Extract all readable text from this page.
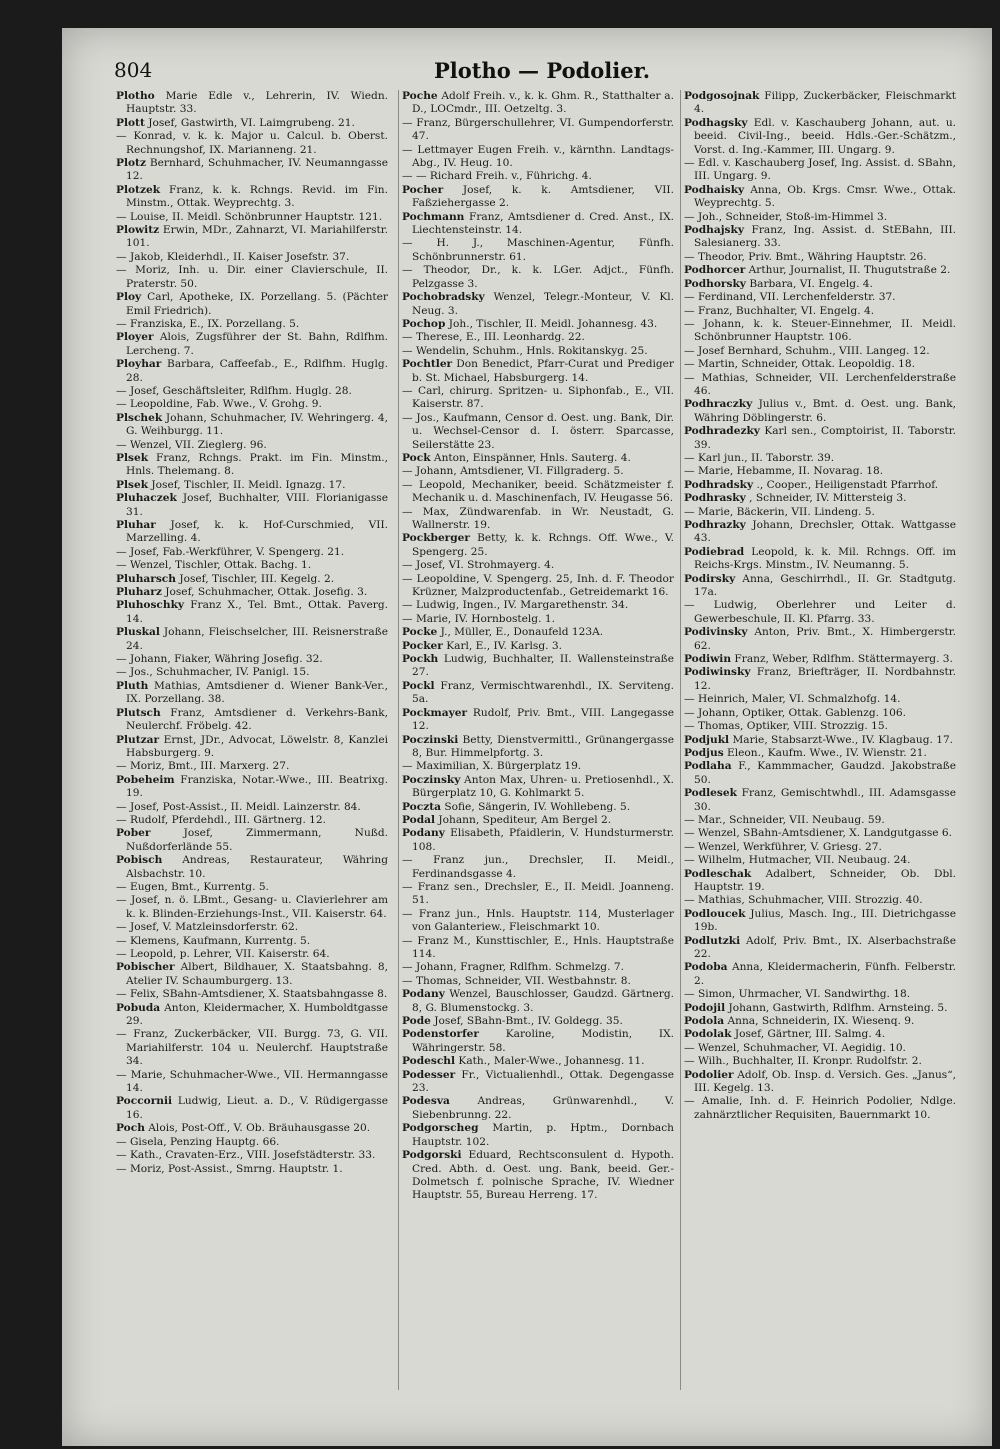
804	Plotho — Podolier.

Plotho Marie Edle v., Lehrerin, IV. Wiedn. Hauptstr. 33.

Plott Josef, Gastwirth, VI. Laimgrubeng. 21.

— Konrad, v. k. k. Major u. Calcul. b. Oberst. Rechnungshof, IX. Marianneng. 21.

Plotz Bernhard, Schuhmacher, IV. Neumanngasse 12.

Plotzek Franz, k. k. Rchngs. Revid. im Fin. Minstm., Ottak. Weyprechtg. 3.

— Louise, II. Meidl. Schönbrunner Hauptstr. 121.

Plowitz Erwin, MDr., Zahnarzt, VI. Mariahilferstr. 101.

— Jakob, Kleiderhdl., II. Kaiser Josefstr. 37.

— Moriz, Inh. u. Dir. einer Clavierschule, II. Praterstr. 50.

Ploy Carl, Apotheke, IX. Porzellang. 5. (Pächter Emil Friedrich).

— Franziska, E., IX. Porzellang. 5.

Ployer Alois, Zugsführer der St. Bahn, Rdlfhm. Lercheng. 7.

Ployhar Barbara, Caffeefab., E., Rdlfhm. Huglg. 28.

— Josef, Geschäftsleiter, Rdlfhm. Huglg. 28.

— Leopoldine, Fab. Wwe., V. Grohg. 9.

Plschek Johann, Schuhmacher, IV. Wehringerg. 4, G. Weihburgg. 11.

— Wenzel, VII. Zieglerg. 96.

Plsek Franz, Rchngs. Prakt. im Fin. Minstm., Hnls. Thelemang. 8.

Plsek Josef, Tischler, II. Meidl. Ignazg. 17.

Pluhaczek Josef, Buchhalter, VIII. Florianigasse 31.

Pluhar Josef, k. k. Hof-Curschmied, VII. Marzelling. 4.

— Josef, Fab.-Werkführer, V. Spengerg. 21.

— Wenzel, Tischler, Ottak. Bachg. 1.

Pluharsch Josef, Tischler, III. Kegelg. 2.

Pluharz Josef, Schuhmacher, Ottak. Josefig. 3.

Pluhoschky Franz X., Tel. Bmt., Ottak. Paverg. 14.

Pluskal Johann, Fleischselcher, III. Reisnerstraße 24.

— Johann, Fiaker, Währing Josefig. 32.

— Jos., Schuhmacher, IV. Panigl. 15.

Pluth Mathias, Amtsdiener d. Wiener Bank-Ver., IX. Porzellang. 38.

Plutsch Franz, Amtsdiener d. Verkehrs-Bank, Neulerchf. Fröbelg. 42.

Plutzar Ernst, JDr., Advocat, Löwelstr. 8, Kanzlei Habsburgerg. 9.

— Moriz, Bmt., III. Marxerg. 27.

Pobeheim Franziska, Notar.-Wwe., III. Beatrixg. 19.

— Josef, Post-Assist., II. Meidl. Lainzerstr. 84.

— Rudolf, Pferdehdl., III. Gärtnerg. 12.

Pober	Josef, Zimmermann, Nußd. Nußdorferlände 55.

Pobisch Andreas, Restaurateur, Währing Alsbachstr. 10.

— Eugen, Bmt., Kurrentg. 5.

— Josef, n. ö. LBmt., Gesang- u. Clavierlehrer am k. k. Blinden-Erziehungs-Inst., VII. Kaiserstr. 64.

— Josef, V. Matzleinsdorferstr. 62.

— Klemens, Kaufmann, Kurrentg. 5.

— Leopold, p. Lehrer, VII. Kaiserstr. 64.

Pobischer Albert, Bildhauer, X. Staatsbahng. 8, Atelier IV. Schaumburgerg. 13.

— Felix, SBahn-Amtsdiener, X. Staatsbahngasse 8.

Pobuda Anton, Kleidermacher, X. Humboldtgasse 29.

— Franz, Zuckerbäcker, VII. Burgg. 73, G. VII. Mariahilferstr. 104 u. Neulerchf. Hauptstraße 34.

— Marie, Schuhmacher-Wwe., VII. Hermanngasse 14.

Poccornii Ludwig, Lieut. a. D., V. Rüdigergasse 16.

Poch Alois, Post-Off., V. Ob. Bräuhausgasse 20.

— Gisela, Penzing Hauptg. 66.

— Kath., Cravaten-Erz., VIII. Josefstädterstr. 33.

— Moriz, Post-Assist., Smrng. Hauptstr. 1.

Poche Adolf Freih. v., k. k. Ghm. R., Statthalter a. D., LOCmdr., III. Oetzeltg. 3.

— Franz, Bürgerschullehrer, VI. Gumpendorferstr. 47.

— Lettmayer Eugen Freih. v., kärnthn. Landtags-Abg., IV. Heug. 10.

— — Richard Freih. v., Führichg. 4.

Pocher Josef, k. k. Amtsdiener, VII. Faßziehergasse 2.

Pochmann Franz, Amtsdiener d. Cred. Anst., IX. Liechtensteinstr. 14.

— H. J., Maschinen-Agentur, Fünfh. Schönbrunnerstr. 61.

— Theodor, Dr., k. k. LGer. Adjct., Fünfh. Pelzgasse 3.

Pochobradsky Wenzel, Telegr.-Monteur, V. Kl. Neug. 3.

Pochop Joh., Tischler, II. Meidl. Johannesg. 43.

— Therese, E., III. Leonhardg. 22.

— Wendelin, Schuhm., Hnls. Rokitanskyg. 25.

Pochtler Don Benedict, Pfarr-Curat und Prediger b. St. Michael, Habsburgerg. 14.

— Carl, chirurg. Spritzen- u. Siphonfab., E., VII. Kaiserstr. 87.

— Jos., Kaufmann, Censor d. Oest. ung. Bank, Dir. u. Wechsel-Censor d. I. österr. Sparcasse, Seilerstätte 23.

Pock Anton, Einspänner, Hnls. Sauterg. 4.

— Johann, Amtsdiener, VI. Fillgraderg. 5.

— Leopold, Mechaniker, beeid. Schätzmeister f. Mechanik u. d. Maschinenfach, IV. Heugasse 56.

— Max, Zündwarenfab. in Wr. Neustadt, G. Wallnerstr. 19.

Pockberger Betty, k. k. Rchngs. Off. Wwe., V. Spengerg. 25.

— Josef, VI. Strohmayerg. 4.

— Leopoldine, V. Spengerg. 25, Inh. d. F. Theodor Krüzner, Malzproductenfab., Getreidemarkt 16.

— Ludwig, Ingen., IV. Margarethenstr. 34.

— Marie, IV. Hornbostelg. 1.

Pocke J., Müller, E., Donaufeld 123A.

Pocker Karl, E., IV. Karlsg. 3.

Pockh Ludwig, Buchhalter, II. Wallensteinstraße 27.

Pockl Franz, Vermischtwarenhdl., IX. Serviteng. 5a.

Pockmayer Rudolf, Priv. Bmt., VIII. Langegasse 12.

Poczinski Betty, Dienstvermittl., Grünangergasse 8, Bur. Himmelpfortg. 3.

— Maximilian, X. Bürgerplatz 19.

Poczinsky Anton Max, Uhren- u. Pretiosenhdl., X. Bürgerplatz 10, G. Kohlmarkt 5.

Poczta Sofie, Sängerin, IV. Wohllebeng. 5.

Podal Johann, Spediteur, Am Bergel 2.

Podany Elisabeth, Pfaidlerin, V. Hundsturmerstr. 108.

— Franz jun., Drechsler, II. Meidl., Ferdinandsgasse 4.

— Franz sen., Drechsler, E., II. Meidl. Joanneng. 51.

— Franz jun., Hnls. Hauptstr. 114, Musterlager von Galanteriew., Fleischmarkt 10.

— Franz M., Kunsttischler, E., Hnls. Hauptstraße 114.

— Johann, Fragner, Rdlfhm. Schmelzg. 7.

— Thomas, Schneider, VII. Westbahnstr. 8.

Podany Wenzel, Bauschlosser, Gaudzd. Gärtnerg. 8, G. Blumenstockg. 3.

Pode Josef, SBahn-Bmt., IV. Goldegg. 35.

Podenstorfer	Karoline, Modistin, IX. Währingerstr. 58.

Podeschl Kath., Maler-Wwe., Johannesg. 11.

Podesser Fr., Victualienhdl., Ottak. Degengasse 23.

Podesva	Andreas, Grünwarenhdl., V. Siebenbrunng. 22.

Podgorscheg Martin, p. Hptm., Dornbach Hauptstr. 102.

Podgorski Eduard, Rechtsconsulent d. Hypoth. Cred. Abth. d. Oest. ung. Bank, beeid. Ger.-Dolmetsch f. polnische Sprache, IV. Wiedner Hauptstr. 55, Bureau Herreng. 17.

Podgosojnak Filipp, Zuckerbäcker, Fleischmarkt 4.

Podhagsky Edl. v. Kaschauberg Johann, aut. u. beeid. Civil-Ing., beeid. Hdls.-Ger.-Schätzm., Vorst. d. Ing.-Kammer, III. Ungarg. 9.

— Edl. v. Kaschauberg Josef, Ing. Assist. d. SBahn, III. Ungarg. 9.

Podhaisky Anna, Ob. Krgs. Cmsr. Wwe., Ottak. Weyprechtg. 5.

— Joh., Schneider, Stoß-im-Himmel 3.

Podhajsky Franz, Ing. Assist. d. StEBahn, III. Salesianerg. 33.

— Theodor, Priv. Bmt., Währing Hauptstr. 26.

Podhorcer Arthur, Journalist, II. Thugutstraße 2.

Podhorsky Barbara, VI. Engelg. 4.

— Ferdinand, VII. Lerchenfelderstr. 37.

— Franz, Buchhalter, VI. Engelg. 4.

— Johann, k. k. Steuer-Einnehmer, II. Meidl. Schönbrunner Hauptstr. 106.

— Josef Bernhard, Schuhm., VIII. Langeg. 12.

— Martin, Schneider, Ottak. Leopoldig. 18.

— Mathias, Schneider, VII. Lerchenfelderstraße 46.

Podhraczky Julius v., Bmt. d. Oest. ung. Bank, Währing Döblingerstr. 6.

Podhradezky Karl sen., Comptoirist, II. Taborstr. 39.

— Karl jun., II. Taborstr. 39.

— Marie, Hebamme, II. Novarag. 18.

Podhradsky ., Cooper., Heiligenstadt Pfarrhof.

Podhrasky , Schneider, IV. Mittersteig 3.

— Marie, Bäckerin, VII. Lindeng. 5.

Podhrazky Johann, Drechsler, Ottak. Wattgasse 43.

Podiebrad Leopold, k. k. Mil. Rchngs. Off. im Reichs-Krgs. Minstm., IV. Neumanng. 5.

Podirsky Anna, Geschirrhdl., II. Gr. Stadtgutg. 17a.

— Ludwig, Oberlehrer und Leiter d. Gewerbeschule, II. Kl. Pfarrg. 33.

Podivinsky Anton, Priv. Bmt., X. Himbergerstr. 62.

Podiwin Franz, Weber, Rdlfhm. Stättermayerg. 3.

Podiwinsky Franz, Briefträger, II. Nordbahnstr. 12.

— Heinrich, Maler, VI. Schmalzhofg. 14.

— Johann, Optiker, Ottak. Gablenzg. 106.

— Thomas, Optiker, VIII. Strozzig. 15.

Podjukl Marie, Stabsarzt-Wwe., IV. Klagbaug. 17.

Podjus Eleon., Kaufm. Wwe., IV. Wienstr. 21.

Podlaha F., Kammmacher, Gaudzd. Jakobstraße 50.

Podlesek Franz, Gemischtwhdl., III. Adamsgasse 30.

— Mar., Schneider, VII. Neubaug. 59.

— Wenzel, SBahn-Amtsdiener, X. Landgutgasse 6.

— Wenzel, Werkführer, V. Griesg. 27.

— Wilhelm, Hutmacher, VII. Neubaug. 24.

Podleschak Adalbert, Schneider, Ob. Dbl. Hauptstr. 19.

— Mathias, Schuhmacher, VIII. Strozzig. 40.

Podloucek Julius, Masch. Ing., III. Dietrichgasse 19b.

Podlutzki Adolf, Priv. Bmt., IX. Alserbachstraße 22.

Podoba Anna, Kleidermacherin, Fünfh. Felberstr. 2.

— Simon, Uhrmacher, VI. Sandwirthg. 18.

Podojil Johann, Gastwirth, Rdlfhm. Arnsteing. 5.

Podola Anna, Schneiderin, IX. Wiesenq. 9.

Podolak Josef, Gärtner, III. Salmg. 4.

— Wenzel, Schuhmacher, VI. Aegidig. 10.

— Wilh., Buchhalter, II. Kronpr. Rudolfstr. 2.

Podolier Adolf, Ob. Insp. d. Versich. Ges. „Janus“, III. Kegelg. 13.

— Amalie, Inh. d. F. Heinrich Podolier, Ndlge. zahnärztlicher Requisiten, Bauernmarkt 10.
